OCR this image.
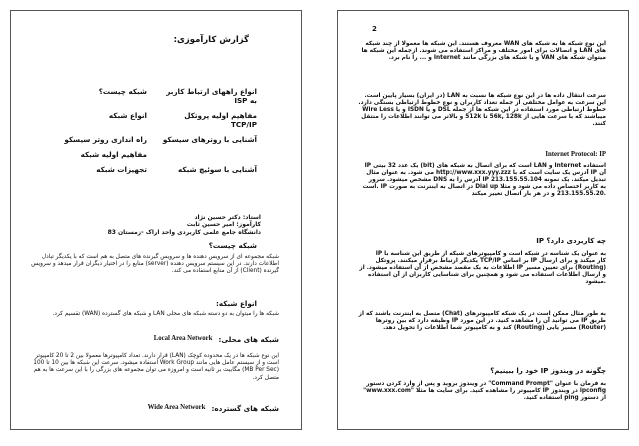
گزارش کارآموزی:
شبکه چیست؟	انواع راههای ارتباط کاربر به ISP
انواع شبکه	مفاهیم اولیه پروتکل TCP/IP
راه اندازی روتر سیسکو	آشنایی با روترهای سیسکو
مفاهیم اولیه شبکه
تجهیزات شبکه	آشنایی با سوئیچ شبکه
استاد: دکتر حسین نژاد
کارآموز: امیر حسین ثابت
دانشگاه جامع علمی کاربردی واحد اراک -زمستان 83
شبکه چیست؟
شبکه مجموعه ای از سرویس دهنده ها و سرویس گیرنده های متصل به هم است که با یکدیگر تبادل اطلاعات دارند. در این سیستم سرویس دهنده (server) منابع را در اختیار دیگران قرار میدهد و سرویس گیرنده (Client) از آن منابع استفاده می کند.
انواع شبکه:
شبکه ها را میتوان به دو دسته شبکه های محلی LAN و شبکه های گسترده (WAN) تقسیم کرد.
شبکه های محلی:
Local Area Network
این نوع شبکه ها در یک محدوده کوچک (LAN) قرار دارند. تعداد کامپیوترها معمولا بین 2 تا 20 کامپیوتر است و از سیستم عامل هایی مانند Work Group استفاده میشود. سرعت این شبکه ها بین 10 تا 100 (MB Per Sec) مگابیت بر ثانیه است و امروزه می توان مجموعه های بزرگی را با این سرعت ها به هم متصل کرد.
شبکه های گسترده:
Wide Area Network
2
این نوع شبکه ها به شبکه های WAN معروف هستند. این شبکه ها معمولا از چند شبکه های LAN و اتصالات برای امور مختلف و مراکز استفاده می شوند. ازجمله این شبکه ها میتوان شبکه های VAN و یا شبکه های بزرگی مانند Internet و ... را نام برد.
سرعت انتقال داده ها در این نوع شبکه ها نسبت به LAN (در ایران) بسیار پایین است. این سرعت به عوامل مختلفی از جمله تعداد کاربران و نوع خطوط ارتباطی بستگی دارد. خطوط ارتباطی مورد استفاده در این شبکه ها از جمله DSL و یا ISDN و یا Wire Less میباشند که با سرعت هایی از 56k, 128k تا 512k و بالاتر می توانند اطلاعات را منتقل کنند.
Internet Protocol: IP
IP یک عدد 32 بیتی (bit) است که برای اتصال به شبکه های LAN و Internet استفاده می شود. به عنوان مثال http://www.xxx.yyy.zzz آدرس یک سایت است که با IP آن مشخص میشود. سرور DNS آدرس را به IP تبدیل میکند. یک نمونه 213.155.55.104 است. IP در اتصال به اینترنت به صورت Dial up به کاربر اختصاص داده می شود و مثلا 213.155.55.20 و در هر بار اتصال تغییر میکند.
IP چه کاربردی دارد؟
IP به عنوان یک شناسه در شبکه است و کامپیوترهای شبکه از طریق این شناسه با یکدیگر ارتباط برقرار میکنند. پروتکل TCP/IP بر اساس IP کار میکند و برای ارسال اطلاعات به یک مقصد مشخص از آن استفاده میشود. از IP برای تعیین مسیر (Routing) و ارسال اطلاعات استفاده می شود و همچنین برای شناسایی کاربران از آن استفاده میشود.
به طور مثال ممکن است در یک شبکه کامپیوترهای (Chat) متصل به اینترنت باشند که از طریق IP می توانید آن را مشاهده کنید. در این مورد IP وظیفه دارد که بین روترها (Router) مسیر یابی (Routing) کند و به کامپیوتر شما اطلاعات را تحویل دهد.
چگونه در ویندوز IP خود را ببینیم؟
به فرمان با عنوان "Command Prompt" در ویندوز بروید و پس از وارد کردن دستور ipconfig در ویندوز IP کامپیوتر را مشاهده کنید. برای سایت ها مثلا "www.xxx.com" از دستور ping استفاده کنید.
